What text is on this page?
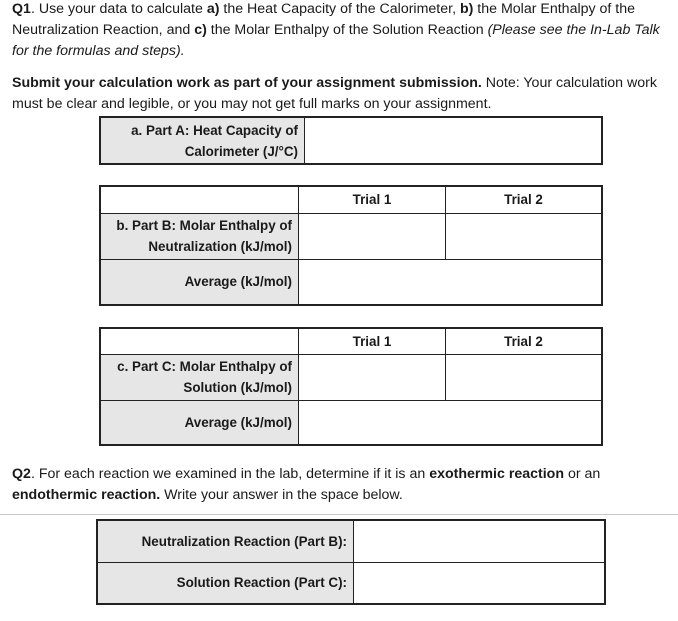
Q1. Use your data to calculate a) the Heat Capacity of the Calorimeter, b) the Molar Enthalpy of the Neutralization Reaction, and c) the Molar Enthalpy of the Solution Reaction (Please see the In-Lab Talk for the formulas and steps).
Submit your calculation work as part of your assignment submission. Note: Your calculation work must be clear and legible, or you may not get full marks on your assignment.
a. Part A: Heat Capacity of
Calorimeter (J/°C)

	Trial 1	Trial 2

b. Part B: Molar Enthalpy of
Neutralization (kJ/mol)		

Average (kJ/mol)		
	Trial 1	Trial 2

c. Part C: Molar Enthalpy of
Solution (kJ/mol)		

Average (kJ/mol)		
Q2. For each reaction we examined in the lab, determine if it is an exothermic reaction or an endothermic reaction. Write your answer in the space below.
Neutralization Reaction (Part B):	
Solution Reaction (Part C):	
